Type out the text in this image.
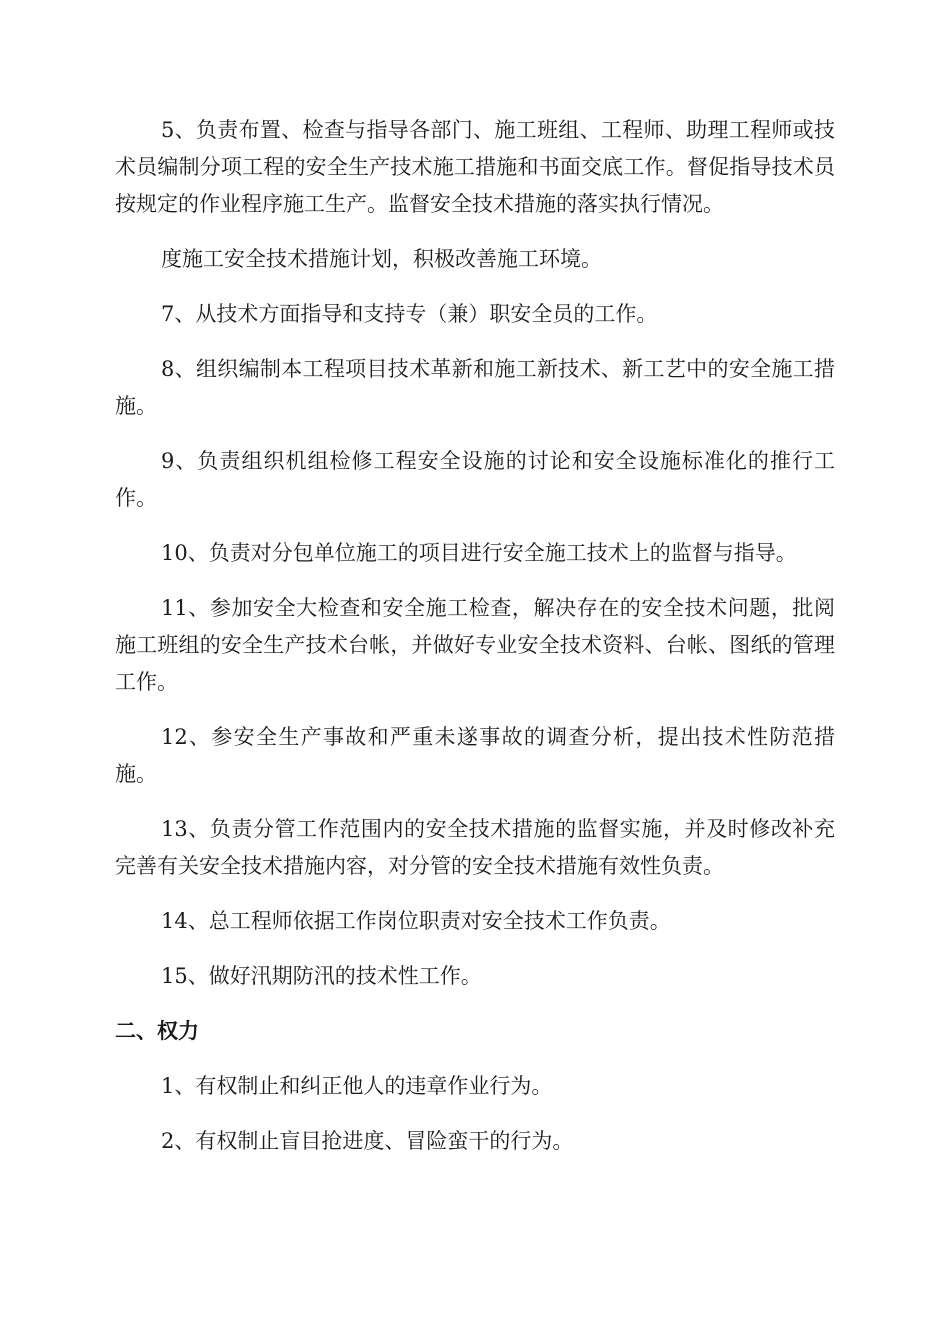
5、负责布置、检查与指导各部门、施工班组、工程师、助理工程师或技术员编制分项工程的安全生产技术施工措施和书面交底工作。督促指导技术员按规定的作业程序施工生产。监督安全技术措施的落实执行情况。

度施工安全技术措施计划，积极改善施工环境。

7、从技术方面指导和支持专（兼）职安全员的工作。

8、组织编制本工程项目技术革新和施工新技术、新工艺中的安全施工措施。

9、负责组织机组检修工程安全设施的讨论和安全设施标准化的推行工作。

10、负责对分包单位施工的项目进行安全施工技术上的监督与指导。

11、参加安全大检查和安全施工检查，解决存在的安全技术问题，批阅施工班组的安全生产技术台帐，并做好专业安全技术资料、台帐、图纸的管理工作。

12、参安全生产事故和严重未遂事故的调查分析，提出技术性防范措施。

13、负责分管工作范围内的安全技术措施的监督实施，并及时修改补充完善有关安全技术措施内容，对分管的安全技术措施有效性负责。

14、总工程师依据工作岗位职责对安全技术工作负责。

15、做好汛期防汛的技术性工作。

二、权力

1、有权制止和纠正他人的违章作业行为。

2、有权制止盲目抢进度、冒险蛮干的行为。
